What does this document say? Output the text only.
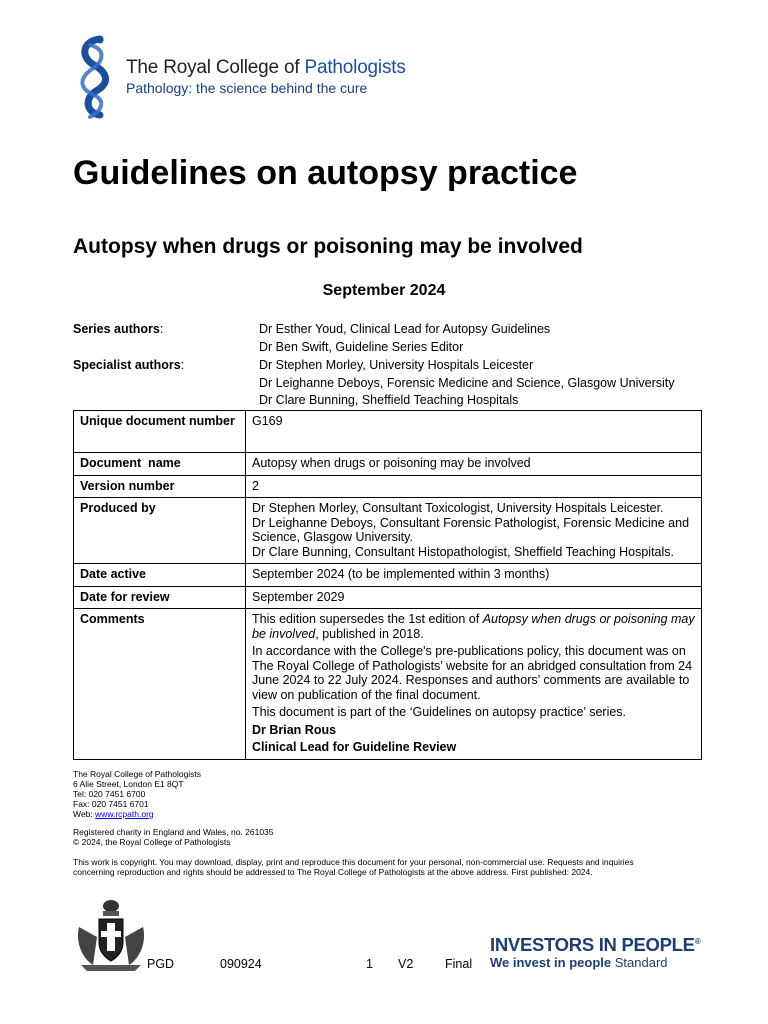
The Royal College of Pathologists
Pathology: the science behind the cure
Guidelines on autopsy practice
Autopsy when drugs or poisoning may be involved
September 2024
Series authors:	Dr Esther Youd, Clinical Lead for Autopsy Guidelines
Dr Ben Swift, Guideline Series Editor
Specialist authors:	Dr Stephen Morley, University Hospitals Leicester
Dr Leighanne Deboys, Forensic Medicine and Science, Glasgow University
Dr Clare Bunning, Sheffield Teaching Hospitals
Unique document number	G169
Document  name	Autopsy when drugs or poisoning may be involved
Version number	2
Produced by	Dr Stephen Morley, Consultant Toxicologist, University Hospitals Leicester.
Dr Leighanne Deboys, Consultant Forensic Pathologist, Forensic Medicine and Science, Glasgow University.
Dr Clare Bunning, Consultant Histopathologist, Sheffield Teaching Hospitals.

Date active	September 2024 (to be implemented within 3 months)
Date for review	September 2029
Comments	This edition supersedes the 1st edition of Autopsy when drugs or poisoning may be involved, published in 2018.

In accordance with the College’s pre-publications policy, this document was on The Royal College of Pathologists’ website for an abridged consultation from 24 June 2024 to 22 July 2024. Responses and authors’ comments are available to view on publication of the final document.

This document is part of the ‘Guidelines on autopsy practice’ series.

Dr Brian Rous

Clinical Lead for Guideline Review

The Royal College of Pathologists
6 Alie Street, London E1 8QT
Tel: 020 7451 6700
Fax: 020 7451 6701
Web: www.rcpath.org
Registered charity in England and Wales, no. 261035
© 2024, the Royal College of Pathologists
This work is copyright. You may download, display, print and reproduce this document for your personal, non-commercial use. Requests and inquiries
concerning reproduction and rights should be addressed to The Royal College of Pathologists at the above address. First published: 2024.
PGD	090924	1 V2	Final
INVESTORS IN PEOPLE®
We invest in people Standard
